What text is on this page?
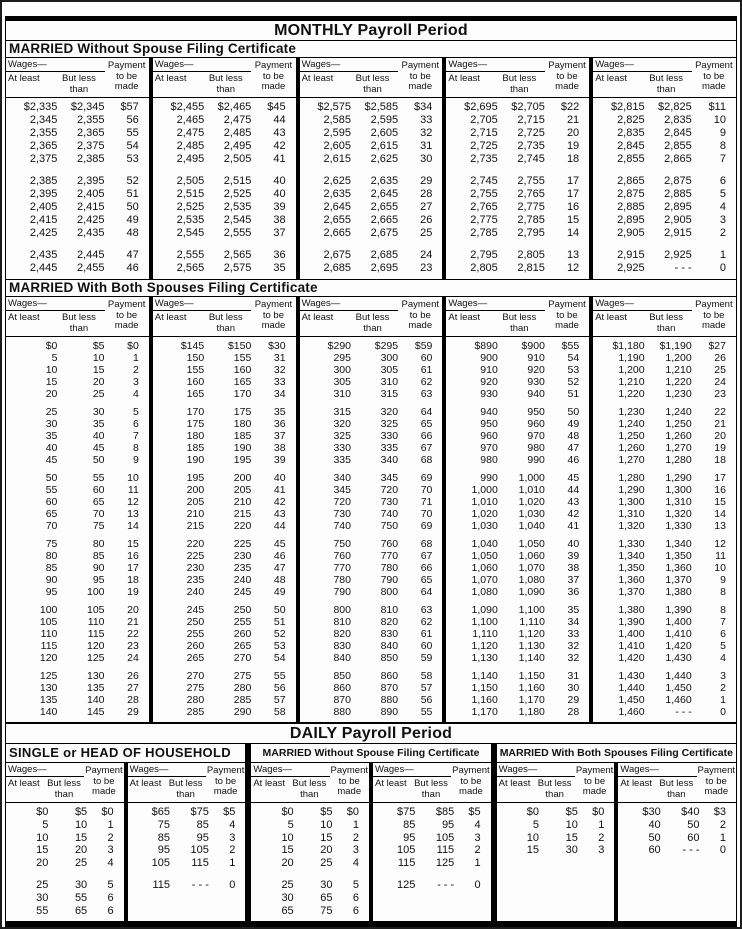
MONTHLY Payroll Period
MARRIED Without Spouse Filing Certificate
Wages—
At least	But less than
Payment to be made
$2,335	$2,345	$57
2,345	2,355	56
2,355	2,365	55
2,365	2,375	54
2,375	2,385	53
2,385	2,395	52
2,395	2,405	51
2,405	2,415	50
2,415	2,425	49
2,425	2,435	48
2,435	2,445	47
2,445	2,455	46
Wages—
At least	But less than
Payment to be made
$2,455	$2,465	$45
2,465	2,475	44
2,475	2,485	43
2,485	2,495	42
2,495	2,505	41
2,505	2,515	40
2,515	2,525	40
2,525	2,535	39
2,535	2,545	38
2,545	2,555	37
2,555	2,565	36
2,565	2,575	35
Wages—
At least	But less than
Payment to be made
$2,575	$2,585	$34
2,585	2,595	33
2,595	2,605	32
2,605	2,615	31
2,615	2,625	30
2,625	2,635	29
2,635	2,645	28
2,645	2,655	27
2,655	2,665	26
2,665	2,675	25
2,675	2,685	24
2,685	2,695	23
Wages—
At least	But less than
Payment to be made
$2,695	$2,705	$22
2,705	2,715	21
2,715	2,725	20
2,725	2,735	19
2,735	2,745	18
2,745	2,755	17
2,755	2,765	17
2,765	2,775	16
2,775	2,785	15
2,785	2,795	14
2,795	2,805	13
2,805	2,815	12
Wages—
At least	But less than
Payment to be made
$2,815	$2,825	$11
2,825	2,835	10
2,835	2,845	9
2,845	2,855	8
2,855	2,865	7
2,865	2,875	6
2,875	2,885	5
2,885	2,895	4
2,895	2,905	3
2,905	2,915	2
2,915	2,925	1
2,925	- - -	0
MARRIED With Both Spouses Filing Certificate
Wages—
At least	But less than
Payment to be made
$0	$5	$0
5	10	1
10	15	2
15	20	3
20	25	4
25	30	5
30	35	6
35	40	7
40	45	8
45	50	9
50	55	10
55	60	11
60	65	12
65	70	13
70	75	14
75	80	15
80	85	16
85	90	17
90	95	18
95	100	19
100	105	20
105	110	21
110	115	22
115	120	23
120	125	24
125	130	26
130	135	27
135	140	28
140	145	29
Wages—
At least	But less than
Payment to be made
$145	$150	$30
150	155	31
155	160	32
160	165	33
165	170	34
170	175	35
175	180	36
180	185	37
185	190	38
190	195	39
195	200	40
200	205	41
205	210	42
210	215	43
215	220	44
220	225	45
225	230	46
230	235	47
235	240	48
240	245	49
245	250	50
250	255	51
255	260	52
260	265	53
265	270	54
270	275	55
275	280	56
280	285	57
285	290	58
Wages—
At least	But less than
Payment to be made
$290	$295	$59
295	300	60
300	305	61
305	310	62
310	315	63
315	320	64
320	325	65
325	330	66
330	335	67
335	340	68
340	345	69
345	720	70
720	730	71
730	740	70
740	750	69
750	760	68
760	770	67
770	780	66
780	790	65
790	800	64
800	810	63
810	820	62
820	830	61
830	840	60
840	850	59
850	860	58
860	870	57
870	880	56
880	890	55
Wages—
At least	But less than
Payment to be made
$890	$900	$55
900	910	54
910	920	53
920	930	52
930	940	51
940	950	50
950	960	49
960	970	48
970	980	47
980	990	46
990	1,000	45
1,000	1,010	44
1,010	1,020	43
1,020	1,030	42
1,030	1,040	41
1,040	1,050	40
1,050	1,060	39
1,060	1,070	38
1,070	1,080	37
1,080	1,090	36
1,090	1,100	35
1,100	1,110	34
1,110	1,120	33
1,120	1,130	32
1,130	1,140	32
1,140	1,150	31
1,150	1,160	30
1,160	1,170	29
1,170	1,180	28
Wages—
At least	But less than
Payment to be made
$1,180	$1,190	$27
1,190	1,200	26
1,200	1,210	25
1,210	1,220	24
1,220	1,230	23
1,230	1,240	22
1,240	1,250	21
1,250	1,260	20
1,260	1,270	19
1,270	1,280	18
1,280	1,290	17
1,290	1,300	16
1,300	1,310	15
1,310	1,320	14
1,320	1,330	13
1,330	1,340	12
1,340	1,350	11
1,350	1,360	10
1,360	1,370	9
1,370	1,380	8
1,380	1,390	8
1,390	1,400	7
1,400	1,410	6
1,410	1,420	5
1,420	1,430	4
1,430	1,440	3
1,440	1,450	2
1,450	1,460	1
1,460	- - -	0
DAILY Payroll Period
SINGLE or HEAD OF HOUSEHOLD
Wages—
At least But less than
Payment to be made
$0	$5	$0
5	10	1
10	15	2
15	20	3
20	25	4
25	30	5
30	55	6
55	65	6
Wages—
At least But less than
Payment to be made
$65	$75	$5
75	85	4
85	95	3
95	105	2
105	115	1
115	- - -	0
MARRIED Without Spouse Filing Certificate
Wages—
At least But less than
Payment to be made
$0	$5	$0
5	10	1
10	15	2
15	20	3
20	25	4
25	30	5
30	65	6
65	75	6
Wages—
At least But less than
Payment to be made
$75	$85	$5
85	95	4
95	105	3
105	115	2
115	125	1
125	- - -	0
MARRIED With Both Spouses Filing Certificate
Wages—
At least But less than
Payment to be made
$0	$5	$0
5	10	1
10	15	2
15	30	3
Wages—
At least But less than
Payment to be made
$30	$40	$3
40	50	2
50	60	1
60	- - -	0
